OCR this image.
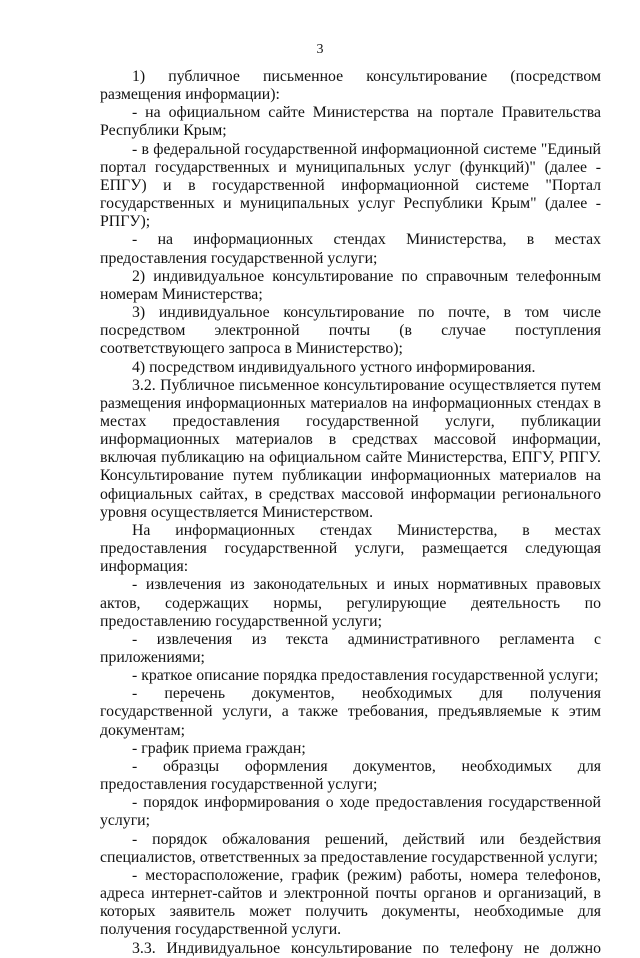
3

1) публичное письменное консультирование (посредством размещения информации):

- на официальном сайте Министерства на портале Правительства Республики Крым;

- в федеральной государственной информационной системе "Единый портал государственных и муниципальных услуг (функций)" (далее - ЕПГУ) и в государственной информационной системе "Портал государственных и муниципальных услуг Республики Крым" (далее - РПГУ);

- на информационных стендах Министерства, в местах предоставления государственной услуги;

2) индивидуальное консультирование по справочным телефонным номерам Министерства;

3) индивидуальное консультирование по почте, в том числе посредством электронной почты (в случае поступления соответствующего запроса в Министерство);

4) посредством индивидуального устного информирования.

3.2. Публичное письменное консультирование осуществляется путем размещения информационных материалов на информационных стендах в местах предоставления государственной услуги, публикации информационных материалов в средствах массовой информации, включая публикацию на официальном сайте Министерства, ЕПГУ, РПГУ. Консультирование путем публикации информационных материалов на официальных сайтах, в средствах массовой информации регионального уровня осуществляется Министерством.

На информационных стендах Министерства, в местах предоставления государственной услуги, размещается следующая информация:

- извлечения из законодательных и иных нормативных правовых актов, содержащих нормы, регулирующие деятельность по предоставлению государственной услуги;

- извлечения из текста административного регламента с приложениями;

- краткое описание порядка предоставления государственной услуги;

- перечень документов, необходимых для получения государственной услуги, а также требования, предъявляемые к этим документам;

- график приема граждан;

- образцы оформления документов, необходимых для предоставления государственной услуги;

- порядок информирования о ходе предоставления государственной услуги;

- порядок обжалования решений, действий или бездействия специалистов, ответственных за предоставление государственной услуги;

- месторасположение, график (режим) работы, номера телефонов, адреса интернет-сайтов и электронной почты органов и организаций, в которых заявитель может получить документы, необходимые для получения государственной услуги.

3.3. Индивидуальное консультирование по телефону не должно
